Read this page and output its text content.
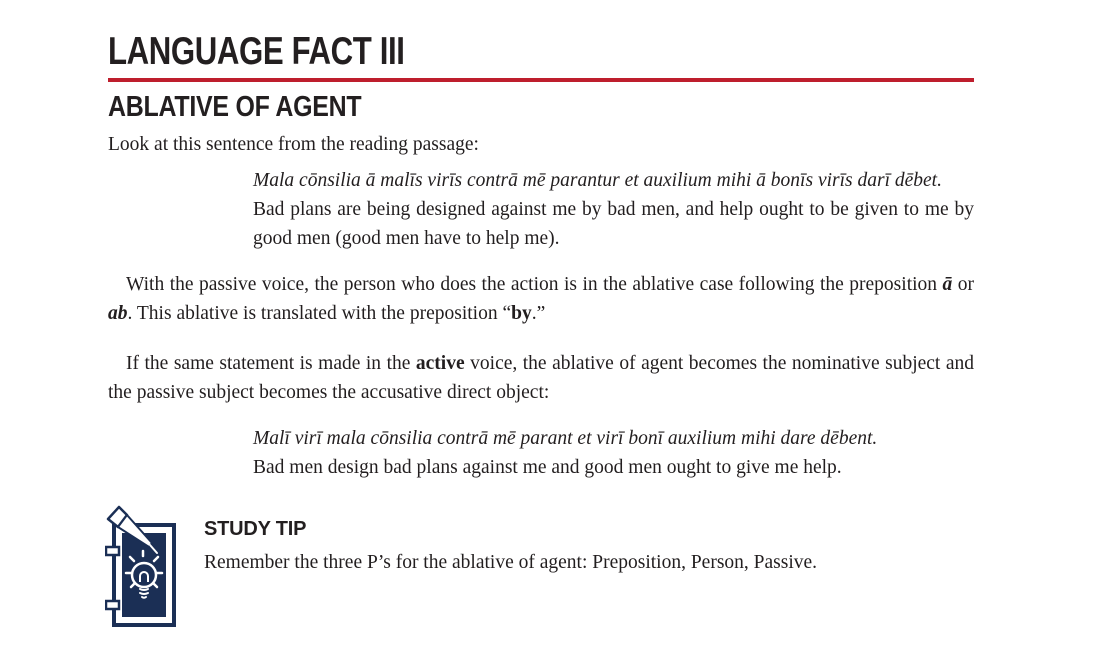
LANGUAGE FACT III
ABLATIVE OF AGENT

Look at this sentence from the reading passage:

Mala cōnsilia ā malīs virīs contrā mē parantur et auxilium mihi ā bonīs virīs darī dēbet.

Bad plans are being designed against me by bad men, and help ought to be given to me by good men (good men have to help me).

With the passive voice, the person who does the action is in the ablative case following the preposition ā or ab. This ablative is translated with the preposition “by.”

If the same statement is made in the active voice, the ablative of agent becomes the nominative subject and the passive subject becomes the accusative direct object:

Malī virī mala cōnsilia contrā mē parant et virī bonī auxilium mihi dare dēbent.

Bad men design bad plans against me and good men ought to give me help.

STUDY TIP

Remember the three P’s for the ablative of agent: Preposition, Person, Passive.
